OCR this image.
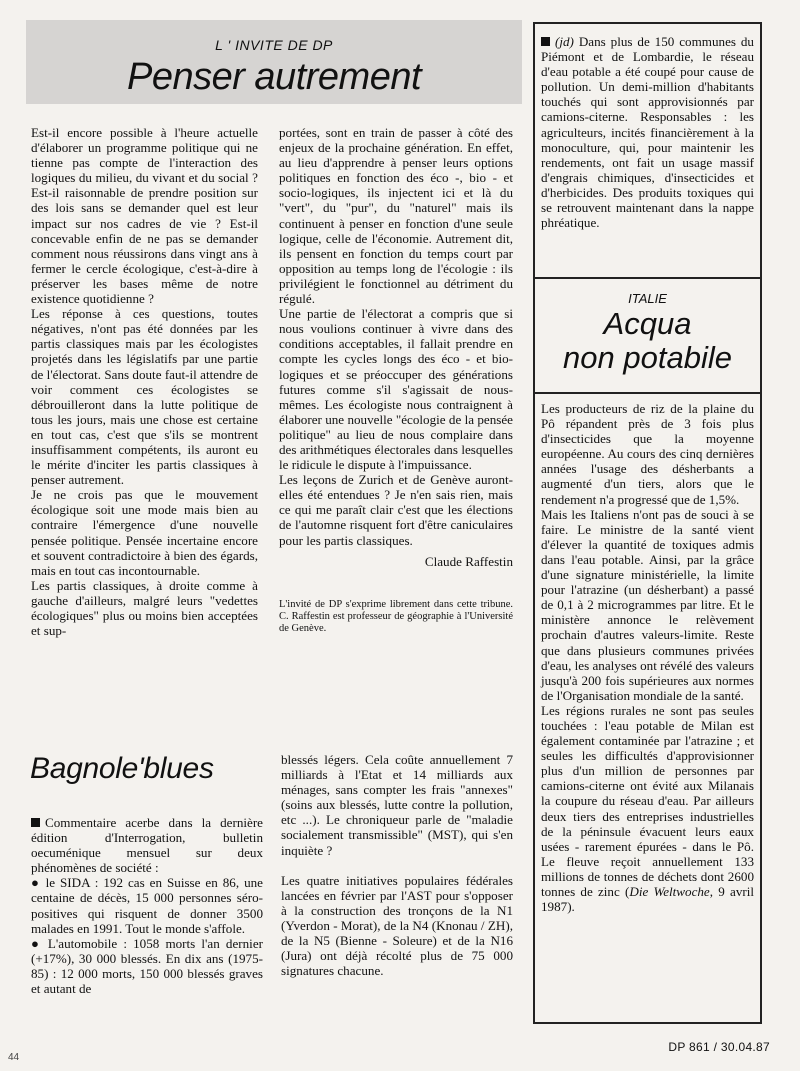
L ' INVITE DE DP
Penser autrement

Est-il encore possible à l'heure actuelle d'élaborer un programme politique qui ne tienne pas compte de l'interaction des logiques du milieu, du vivant et du social ? Est-il raisonnable de prendre position sur des lois sans se demander quel est leur impact sur nos cadres de vie ? Est-il concevable enfin de ne pas se demander comment nous réussirons dans vingt ans à fermer le cercle écologique, c'est-à-dire à préserver les bases même de notre existence quotidienne ?

Les réponse à ces questions, toutes négatives, n'ont pas été données par les partis classiques mais par les écologistes projetés dans les législatifs par une partie de l'électorat. Sans doute faut-il attendre de voir comment ces écologistes se débrouilleront dans la lutte politique de tous les jours, mais une chose est certaine en tout cas, c'est que s'ils se montrent insuffisamment compétents, ils auront eu le mérite d'inciter les partis classiques à penser autrement.

Je ne crois pas que le mouvement écologique soit une mode mais bien au contraire l'émergence d'une nouvelle pensée politique. Pensée incertaine encore et souvent contradictoire à bien des égards, mais en tout cas incontournable.

Les partis classiques, à droite comme à gauche d'ailleurs, malgré leurs "vedettes écologiques" plus ou moins bien acceptées et sup-

portées, sont en train de passer à côté des enjeux de la prochaine génération. En effet, au lieu d'apprendre à penser leurs options politiques en fonction des éco -, bio - et socio-logiques, ils injectent ici et là du "vert", du "pur", du "naturel" mais ils continuent à penser en fonction d'une seule logique, celle de l'économie. Autrement dit, ils pensent en fonction du temps court par opposition au temps long de l'écologie : ils privilégient le fonctionnel au détriment du régulé.

Une partie de l'électorat a compris que si nous voulions continuer à vivre dans des conditions acceptables, il fallait prendre en compte les cycles longs des éco - et bio-logiques et se préoccuper des générations futures comme s'il s'agissait de nous-mêmes. Les écologiste nous contraignent à élaborer une nouvelle "écologie de la pensée politique" au lieu de nous complaire dans des arithmétiques électorales dans lesquelles le ridicule le dispute à l'impuissance.

Les leçons de Zurich et de Genève auront-elles été entendues ? Je n'en sais rien, mais ce qui me paraît clair c'est que les élections de l'automne risquent fort d'être caniculaires pour les partis classiques.

Claude Raffestin

L'invité de DP s'exprime librement dans cette tribune. C. Raffestin est professeur de géographie à l'Université de Genève.

Bagnole'blues

Commentaire acerbe dans la dernière édition d'Interrogation, bulletin oecuménique mensuel sur deux phénomènes de société :

● le SIDA : 192 cas en Suisse en 86, une centaine de décès, 15 000 personnes séro-positives qui risquent de donner 3500 malades en 1991. Tout le monde s'affole.

● L'automobile : 1058 morts l'an dernier (+17%), 30 000 blessés. En dix ans (1975-85) : 12 000 morts, 150 000 blessés graves et autant de

blessés légers. Cela coûte annuellement 7 milliards à l'Etat et 14 milliards aux ménages, sans compter les frais "annexes" (soins aux blessés, lutte contre la pollution, etc ...). Le chroniqueur parle de "maladie socialement transmissible" (MST), qui s'en inquiète ?

Les quatre initiatives populaires fédérales lancées en février par l'AST pour s'opposer à la construction des tronçons de la N1 (Yverdon - Morat), de la N4 (Knonau / ZH), de la N5 (Bienne - Soleure) et de la N16 (Jura) ont déjà récolté plus de 75 000 signatures chacune.

(jd) Dans plus de 150 communes du Piémont et de Lombardie, le réseau d'eau potable a été coupé pour cause de pollution. Un demi-million d'habitants touchés qui sont approvisionnés par camions-citerne. Responsables : les agriculteurs, incités financièrement à la monoculture, qui, pour maintenir les rendements, ont fait un usage massif d'engrais chimiques, d'insecticides et d'herbicides. Des produits toxiques qui se retrouvent maintenant dans la nappe phréatique.

ITALIE
Acqua
non potabile

Les producteurs de riz de la plaine du Pô répandent près de 3 fois plus d'insecticides que la moyenne européenne. Au cours des cinq dernières années l'usage des désherbants a augmenté d'un tiers, alors que le rendement n'a progressé que de 1,5%.

Mais les Italiens n'ont pas de souci à se faire. Le ministre de la santé vient d'élever la quantité de toxiques admis dans l'eau potable. Ainsi, par la grâce d'une signature ministérielle, la limite pour l'atrazine (un désherbant) a passé de 0,1 à 2 microgrammes par litre. Et le ministère annonce le relèvement prochain d'autres valeurs-limite. Reste que dans plusieurs communes privées d'eau, les analyses ont révélé des valeurs jusqu'à 200 fois supérieures aux normes de l'Organisation mondiale de la santé.

Les régions rurales ne sont pas seules touchées : l'eau potable de Milan est également contaminée par l'atrazine ; et seules les difficultés d'approvisionner plus d'un million de personnes par camions-citerne ont évité aux Milanais la coupure du réseau d'eau. Par ailleurs deux tiers des entreprises industrielles de la péninsule évacuent leurs eaux usées - rarement épurées - dans le Pô. Le fleuve reçoit annuellement 133 millions de tonnes de déchets dont 2600 tonnes de zinc (Die Weltwoche, 9 avril 1987).

DP 861 / 30.04.87
44
